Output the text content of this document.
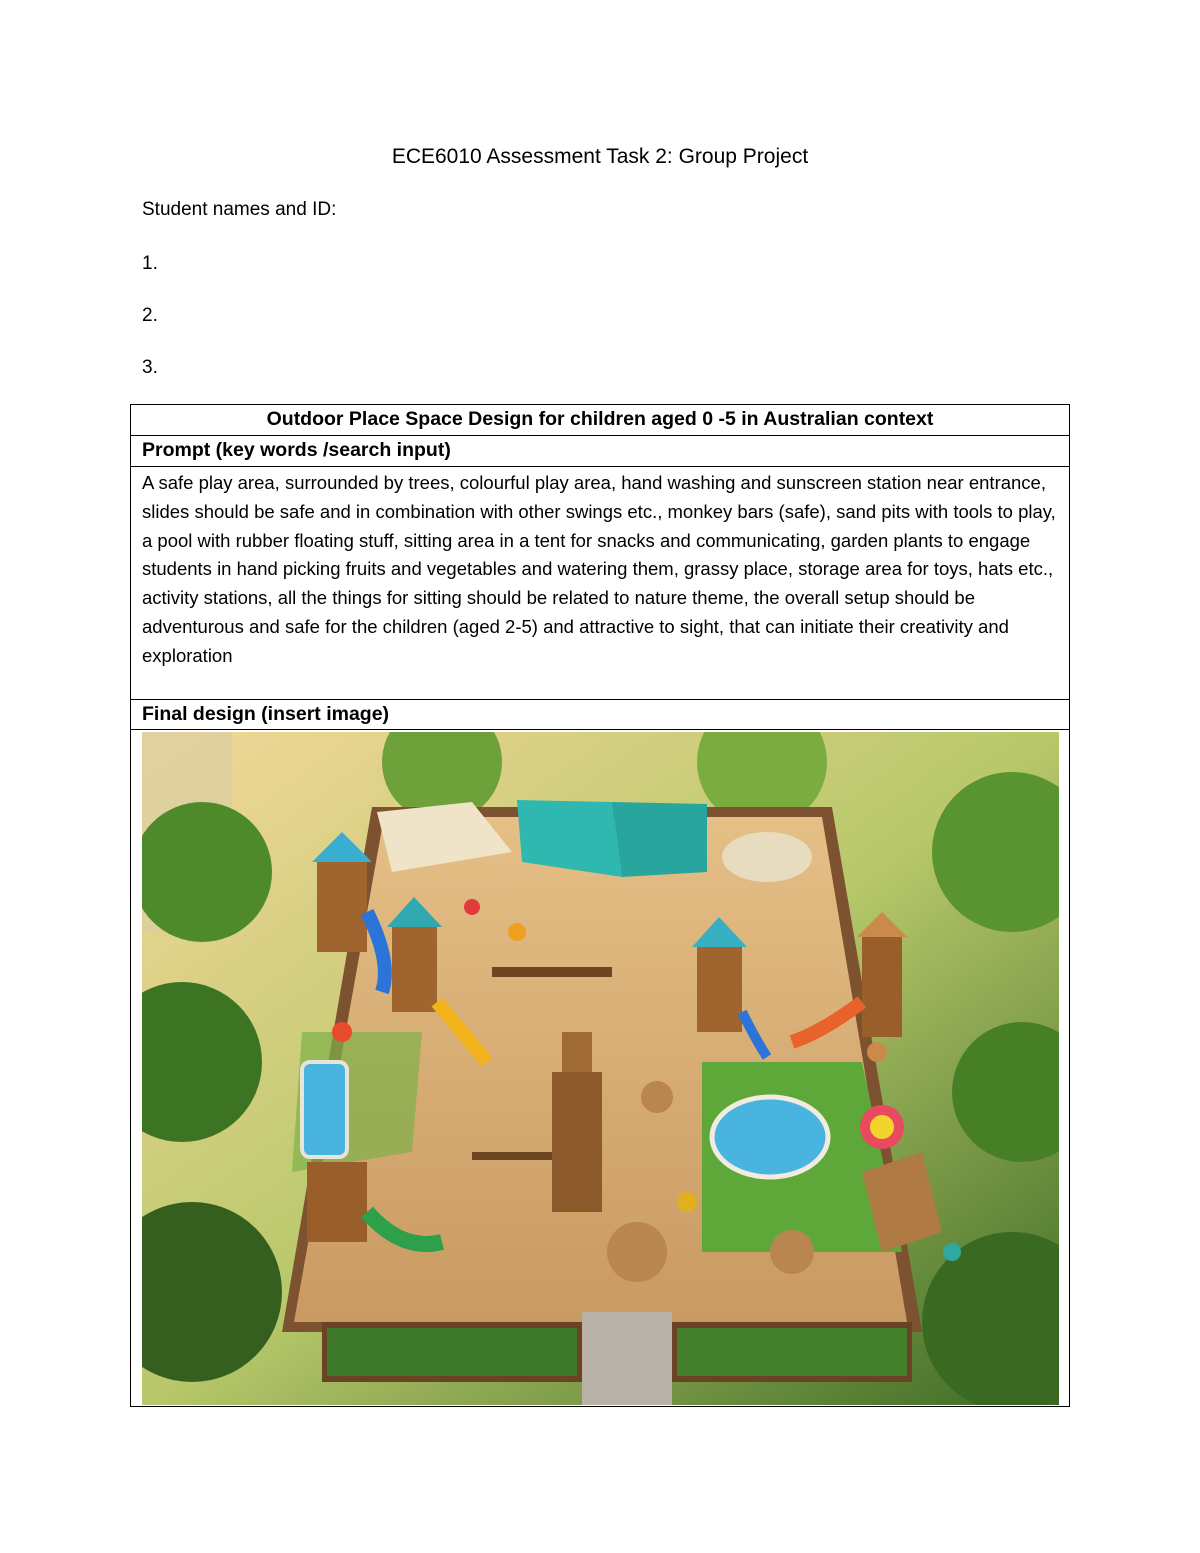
ECE6010 Assessment Task 2: Group Project
Student names and ID:
1.
2.
3.
Outdoor Place Space Design for children aged 0 -5 in Australian context
Prompt (key words /search input)
A safe play area, surrounded by trees, colourful play area, hand washing and sunscreen station near entrance, slides should be safe and in combination with other swings etc., monkey bars (safe), sand pits with tools to play, a pool with rubber floating stuff, sitting area in a tent for snacks and communicating, garden plants to engage students in hand picking fruits and vegetables and watering them, grassy place, storage area for toys, hats etc., activity stations, all the things for sitting should be related to nature theme, the overall setup should be adventurous and safe for the children (aged 2-5) and attractive to sight, that can initiate their creativity and exploration
Final design (insert image)
